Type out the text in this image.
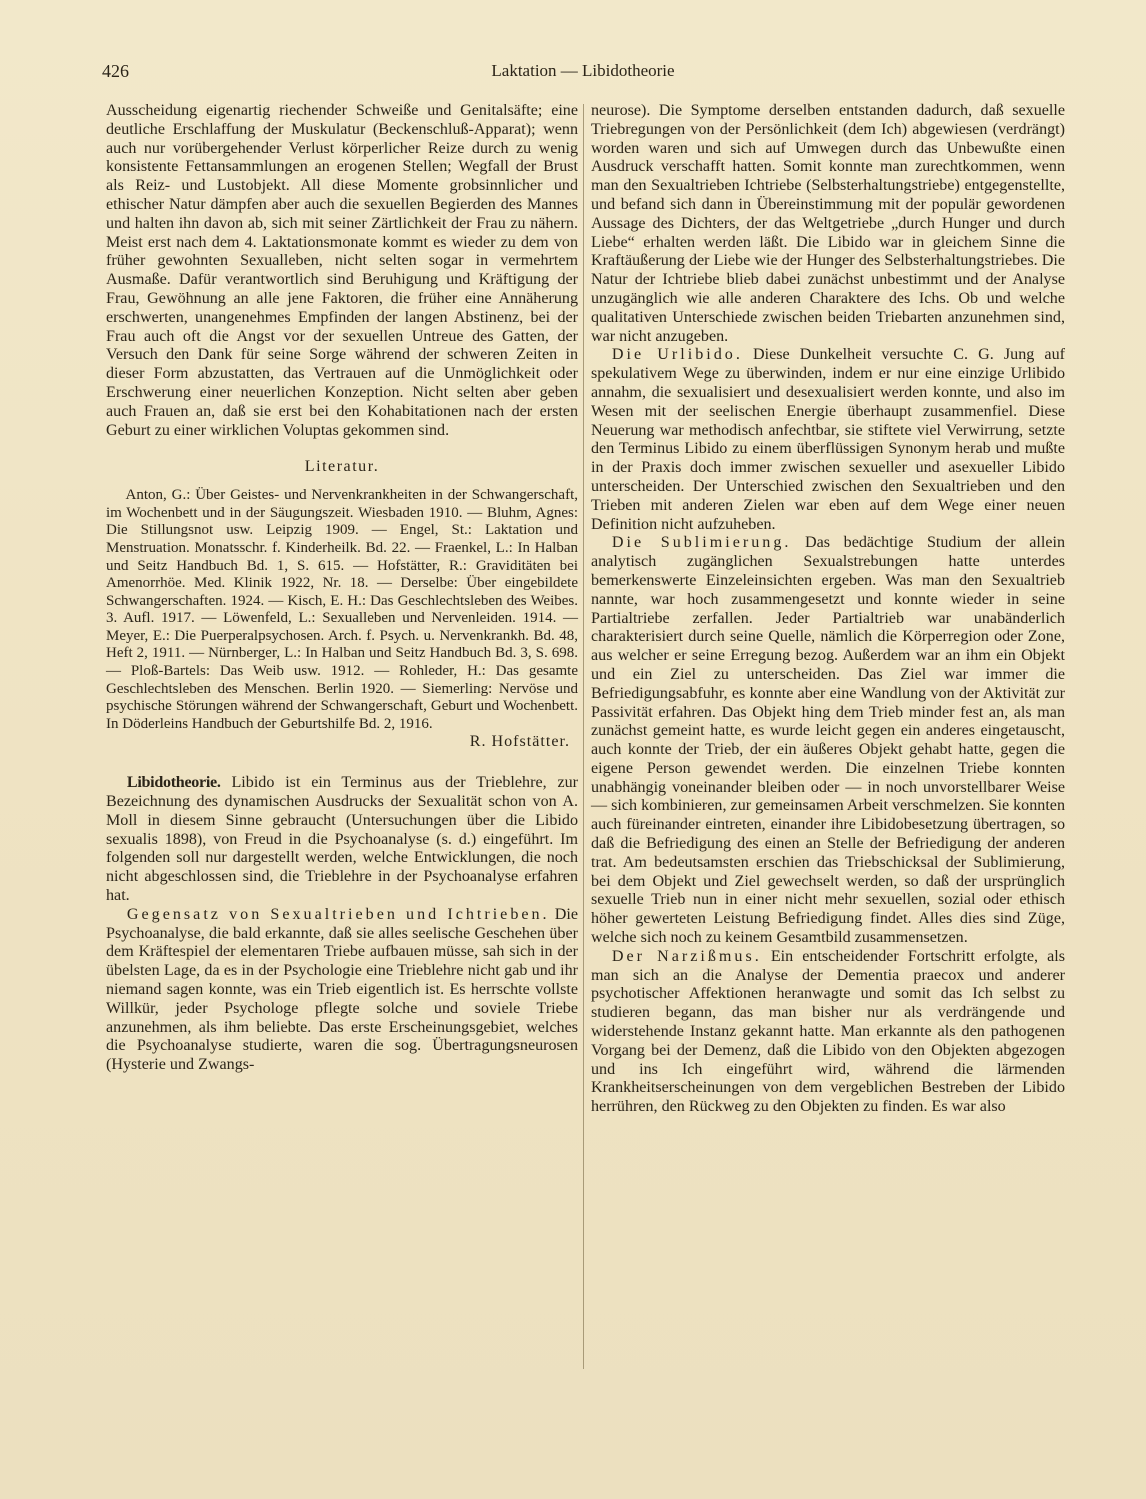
426	Laktation — Libidotheorie

Ausscheidung eigenartig riechender Schweiße und Genitalsäfte; eine deutliche Erschlaffung der Muskulatur (Beckenschluß-Apparat); wenn auch nur vorübergehender Verlust körperlicher Reize durch zu wenig konsistente Fettansammlungen an erogenen Stellen; Wegfall der Brust als Reiz- und Lustobjekt. All diese Momente grobsinnlicher und ethischer Natur dämpfen aber auch die sexuellen Begierden des Mannes und halten ihn davon ab, sich mit seiner Zärtlichkeit der Frau zu nähern. Meist erst nach dem 4. Laktationsmonate kommt es wieder zu dem von früher gewohnten Sexualleben, nicht selten sogar in vermehrtem Ausmaße. Dafür verantwortlich sind Beruhigung und Kräftigung der Frau, Gewöhnung an alle jene Faktoren, die früher eine Annäherung erschwerten, unangenehmes Empfinden der langen Abstinenz, bei der Frau auch oft die Angst vor der sexuellen Untreue des Gatten, der Versuch den Dank für seine Sorge während der schweren Zeiten in dieser Form abzustatten, das Vertrauen auf die Unmöglichkeit oder Erschwerung einer neuerlichen Konzeption. Nicht selten aber geben auch Frauen an, daß sie erst bei den Kohabitationen nach der ersten Geburt zu einer wirklichen Voluptas gekommen sind.

Literatur.

Anton, G.: Über Geistes- und Nervenkrankheiten in der Schwangerschaft, im Wochenbett und in der Säugungszeit. Wiesbaden 1910. — Bluhm, Agnes: Die Stillungsnot usw. Leipzig 1909. — Engel, St.: Laktation und Menstruation. Monatsschr. f. Kinderheilk. Bd. 22. — Fraenkel, L.: In Halban und Seitz Handbuch Bd. 1, S. 615. — Hofstätter, R.: Graviditäten bei Amenorrhöe. Med. Klinik 1922, Nr. 18. — Derselbe: Über eingebildete Schwangerschaften. 1924. — Kisch, E. H.: Das Geschlechtsleben des Weibes. 3. Aufl. 1917. — Löwenfeld, L.: Sexualleben und Nervenleiden. 1914. — Meyer, E.: Die Puerperalpsychosen. Arch. f. Psych. u. Nervenkrankh. Bd. 48, Heft 2, 1911. — Nürnberger, L.: In Halban und Seitz Handbuch Bd. 3, S. 698. — Ploß-Bartels: Das Weib usw. 1912. — Rohleder, H.: Das gesamte Geschlechtsleben des Menschen. Berlin 1920. — Siemerling: Nervöse und psychische Störungen während der Schwangerschaft, Geburt und Wochenbett. In Döderleins Handbuch der Geburtshilfe Bd. 2, 1916.

R. Hofstätter.

Libidotheorie. Libido ist ein Terminus aus der Trieblehre, zur Bezeichnung des dynamischen Ausdrucks der Sexualität schon von A. Moll in diesem Sinne gebraucht (Untersuchungen über die Libido sexualis 1898), von Freud in die Psychoanalyse (s. d.) eingeführt. Im folgenden soll nur dargestellt werden, welche Entwicklungen, die noch nicht abgeschlossen sind, die Trieblehre in der Psychoanalyse erfahren hat.

Gegensatz von Sexualtrieben und Ichtrieben. Die Psychoanalyse, die bald erkannte, daß sie alles seelische Geschehen über dem Kräftespiel der elementaren Triebe aufbauen müsse, sah sich in der übelsten Lage, da es in der Psychologie eine Trieblehre nicht gab und ihr niemand sagen konnte, was ein Trieb eigentlich ist. Es herrschte vollste Willkür, jeder Psychologe pflegte solche und soviele Triebe anzunehmen, als ihm beliebte. Das erste Erscheinungsgebiet, welches die Psychoanalyse studierte, waren die sog. Übertragungsneurosen (Hysterie und Zwangs-

neurose). Die Symptome derselben entstanden dadurch, daß sexuelle Triebregungen von der Persönlichkeit (dem Ich) abgewiesen (verdrängt) worden waren und sich auf Umwegen durch das Unbewußte einen Ausdruck verschafft hatten. Somit konnte man zurechtkommen, wenn man den Sexualtrieben Ichtriebe (Selbsterhaltungstriebe) entgegenstellte, und befand sich dann in Übereinstimmung mit der populär gewordenen Aussage des Dichters, der das Weltgetriebe „durch Hunger und durch Liebe“ erhalten werden läßt. Die Libido war in gleichem Sinne die Kraftäußerung der Liebe wie der Hunger des Selbsterhaltungstriebes. Die Natur der Ichtriebe blieb dabei zunächst unbestimmt und der Analyse unzugänglich wie alle anderen Charaktere des Ichs. Ob und welche qualitativen Unterschiede zwischen beiden Triebarten anzunehmen sind, war nicht anzugeben.

Die Urlibido. Diese Dunkelheit versuchte C. G. Jung auf spekulativem Wege zu überwinden, indem er nur eine einzige Urlibido annahm, die sexualisiert und desexualisiert werden konnte, und also im Wesen mit der seelischen Energie überhaupt zusammenfiel. Diese Neuerung war methodisch anfechtbar, sie stiftete viel Verwirrung, setzte den Terminus Libido zu einem überflüssigen Synonym herab und mußte in der Praxis doch immer zwischen sexueller und asexueller Libido unterscheiden. Der Unterschied zwischen den Sexualtrieben und den Trieben mit anderen Zielen war eben auf dem Wege einer neuen Definition nicht aufzuheben.

Die Sublimierung. Das bedächtige Studium der allein analytisch zugänglichen Sexualstrebungen hatte unterdes bemerkenswerte Einzeleinsichten ergeben. Was man den Sexualtrieb nannte, war hoch zusammengesetzt und konnte wieder in seine Partialtriebe zerfallen. Jeder Partialtrieb war unabänderlich charakterisiert durch seine Quelle, nämlich die Körperregion oder Zone, aus welcher er seine Erregung bezog. Außerdem war an ihm ein Objekt und ein Ziel zu unterscheiden. Das Ziel war immer die Befriedigungsabfuhr, es konnte aber eine Wandlung von der Aktivität zur Passivität erfahren. Das Objekt hing dem Trieb minder fest an, als man zunächst gemeint hatte, es wurde leicht gegen ein anderes eingetauscht, auch konnte der Trieb, der ein äußeres Objekt gehabt hatte, gegen die eigene Person gewendet werden. Die einzelnen Triebe konnten unabhängig voneinander bleiben oder — in noch unvorstellbarer Weise — sich kombinieren, zur gemeinsamen Arbeit verschmelzen. Sie konnten auch füreinander eintreten, einander ihre Libidobesetzung übertragen, so daß die Befriedigung des einen an Stelle der Befriedigung der anderen trat. Am bedeutsamsten erschien das Triebschicksal der Sublimierung, bei dem Objekt und Ziel gewechselt werden, so daß der ursprünglich sexuelle Trieb nun in einer nicht mehr sexuellen, sozial oder ethisch höher gewerteten Leistung Befriedigung findet. Alles dies sind Züge, welche sich noch zu keinem Gesamtbild zusammensetzen.

Der Narzißmus. Ein entscheidender Fortschritt erfolgte, als man sich an die Analyse der Dementia praecox und anderer psychotischer Affektionen heranwagte und somit das Ich selbst zu studieren begann, das man bisher nur als verdrängende und widerstehende Instanz gekannt hatte. Man erkannte als den pathogenen Vorgang bei der Demenz, daß die Libido von den Objekten abgezogen und ins Ich eingeführt wird, während die lärmenden Krankheitserscheinungen von dem vergeblichen Bestreben der Libido herrühren, den Rückweg zu den Objekten zu finden. Es war also
